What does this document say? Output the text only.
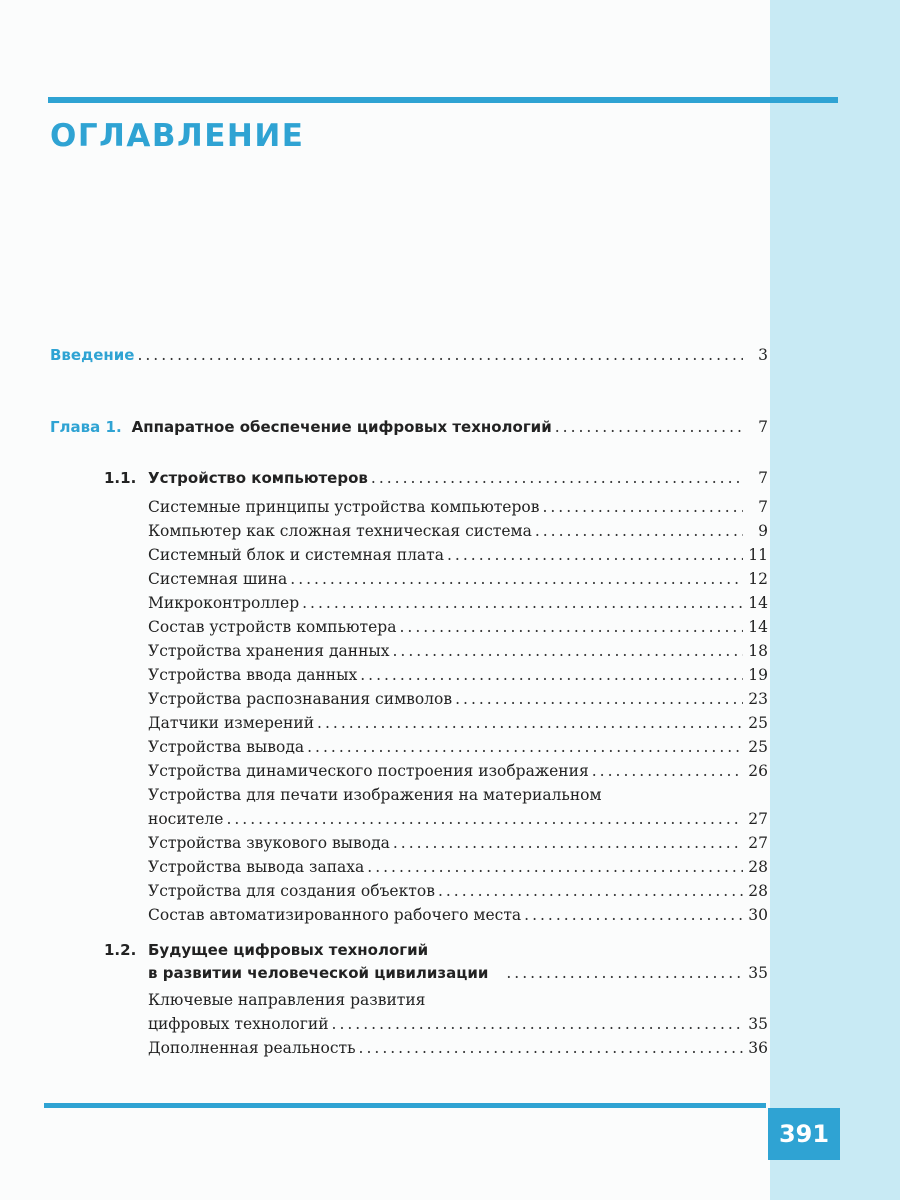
ОГЛАВЛЕНИЕ
Введение .....	3
Глава 1. Аппаратное обеспечение цифровых технологий .....	7
1.1. Устройство компьютеров .....	7
Системные принципы устройства компьютеров .....	7
Компьютер как сложная техническая система .....	9
Системный блок и системная плата .....	11
Системная шина .....	12
Микроконтроллер .....	14
Состав устройств компьютера .....	14
Устройства хранения данных .....	18
Устройства ввода данных .....	19
Устройства распознавания символов .....	23
Датчики измерений .....	25
Устройства вывода .....	25
Устройства динамического построения изображения .....	26
Устройства для печати изображения на материальном
носителе .....	27
Устройства звукового вывода .....	27
Устройства вывода запаха .....	28
Устройства для создания объектов .....	28
Состав автоматизированного рабочего места .....	30
1.2. Будущее цифровых технологий
в развитии человеческой цивилизации .....	35
Ключевые направления развития
цифровых технологий .....	35
Дополненная реальность .....	36
391
